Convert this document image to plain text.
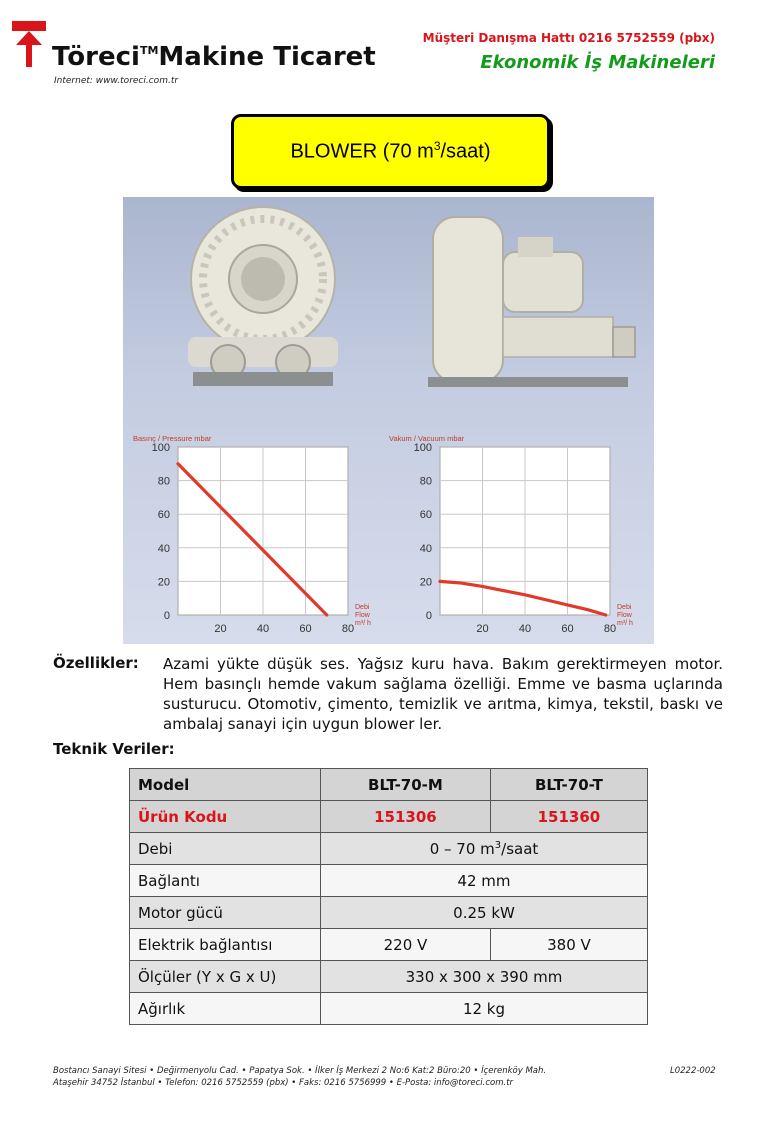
Töreci™Makine Ticaret
Internet: www.toreci.com.tr
Müşteri Danışma Hattı 0216 5752559 (pbx)
Ekonomik İş Makineleri
BLOWER (70 $m^3/saat$)
Basınç / Pressure mbar
0
20
40
60
80
100
20	40	60	80
Debi
Flow
m³/ h
Vakum / Vacuum mbar
0
20
40
60
80
100
20	40	60	80
Debi
Flow
m³/ h
Özellikler: Azami yükte düşük ses. Yağsız kuru hava. Bakım gerektirmeyen motor. Hem basınçlı hemde vakum sağlama özelliği. Emme ve basma uçlarında susturucu. Otomotiv, çimento, temizlik ve arıtma, kimya, tekstil, baskı ve ambalaj sanayi için uygun blower ler.
Teknik Veriler:
Model	BLT-70-M	BLT-70-T
Ürün Kodu	151306	151360
Debi	0 – 70 $m^3$/saat	
Bağlantı	42 mm	
Motor gücü	0.25 kW	
Elektrik bağlantısı	220 V	380 V
Ölçüler (Y x G x U)	330 x 300 x 390 mm	
Ağırlık	12 kg	
Bostancı Sanayi Sitesi • Değirmenyolu Cad. • Papatya Sok. • İlker İş Merkezi 2 No:6 Kat:2 Büro:20 • İçerenköy Mah.
Ataşehir 34752 İstanbul • Telefon: 0216 5752559 (pbx) • Faks: 0216 5756999 • E-Posta: info@toreci.com.tr
L0222-002
